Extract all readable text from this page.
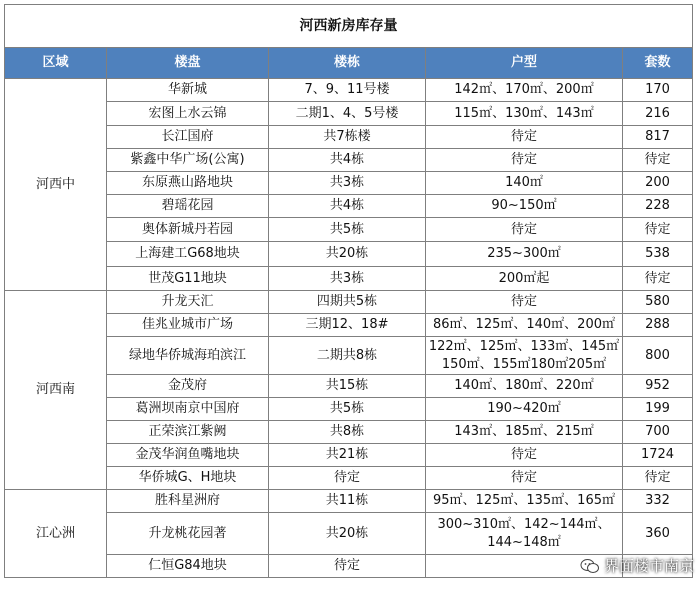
河西新房库存量				
区域	楼盘	楼栋	户型	套数
河西中	华新城	7、9、11号楼	142㎡、170㎡、200㎡	170
	宏图上水云锦	二期1、4、5号楼	115㎡、130㎡、143㎡	216
	长江国府	共7栋楼	待定	817
	紫鑫中华广场(公寓)	共4栋	待定	待定
	东原燕山路地块	共3栋	140㎡	200
	碧瑶花园	共4栋	90~150㎡	228
	奥体新城丹若园	共5栋	待定	待定
	上海建工G68地块	共20栋	235~300㎡	538
	世茂G11地块	共3栋	200㎡起	待定
河西南	升龙天汇	四期共5栋	待定	580
	佳兆业城市广场	三期12、18#	86㎡、125㎡、140㎡、200㎡	288
	绿地华侨城海珀滨江	二期共8栋	122㎡、125㎡、133㎡、145㎡ 150㎡、155㎡180㎡205㎡	800
	金茂府	共15栋	140㎡、180㎡、220㎡	952
	葛洲坝南京中国府	共5栋	190~420㎡	199
	正荣滨江紫阙	共8栋	143㎡、185㎡、215㎡	700
	金茂华润鱼嘴地块	共21栋	待定	1724
	华侨城G、H地块	待定	待定	待定
江心洲	胜科星洲府	共11栋	95㎡、125㎡、135㎡、165㎡	332
	升龙桃花园著	共20栋	300~310㎡、142~144㎡、 144~148㎡	360
	仁恒G84地块	待定			界面楼市南京
